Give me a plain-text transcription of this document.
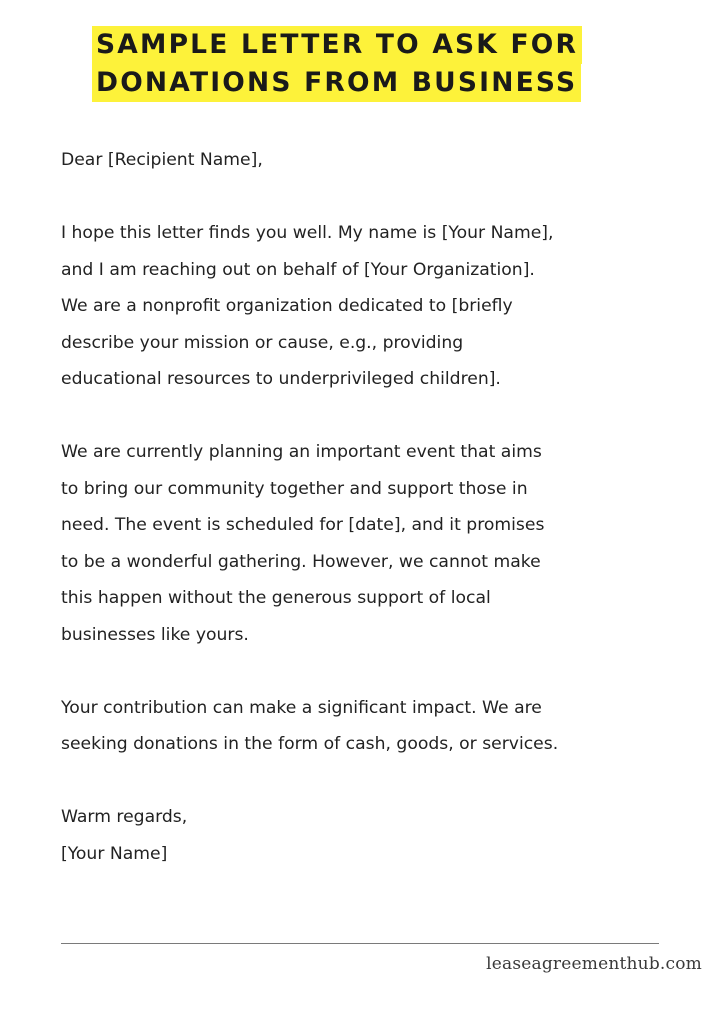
SAMPLE LETTER TO ASK FOR
DONATIONS FROM BUSINESS

Dear [Recipient Name],

I hope this letter finds you well. My name is [Your Name],
and I am reaching out on behalf of [Your Organization].
We are a nonprofit organization dedicated to [briefly
describe your mission or cause, e.g., providing
educational resources to underprivileged children].

We are currently planning an important event that aims
to bring our community together and support those in
need. The event is scheduled for [date], and it promises
to be a wonderful gathering. However, we cannot make
this happen without the generous support of local
businesses like yours.

Your contribution can make a significant impact. We are
seeking donations in the form of cash, goods, or services.

Warm regards,

[Your Name]

leaseagreementhub.com
